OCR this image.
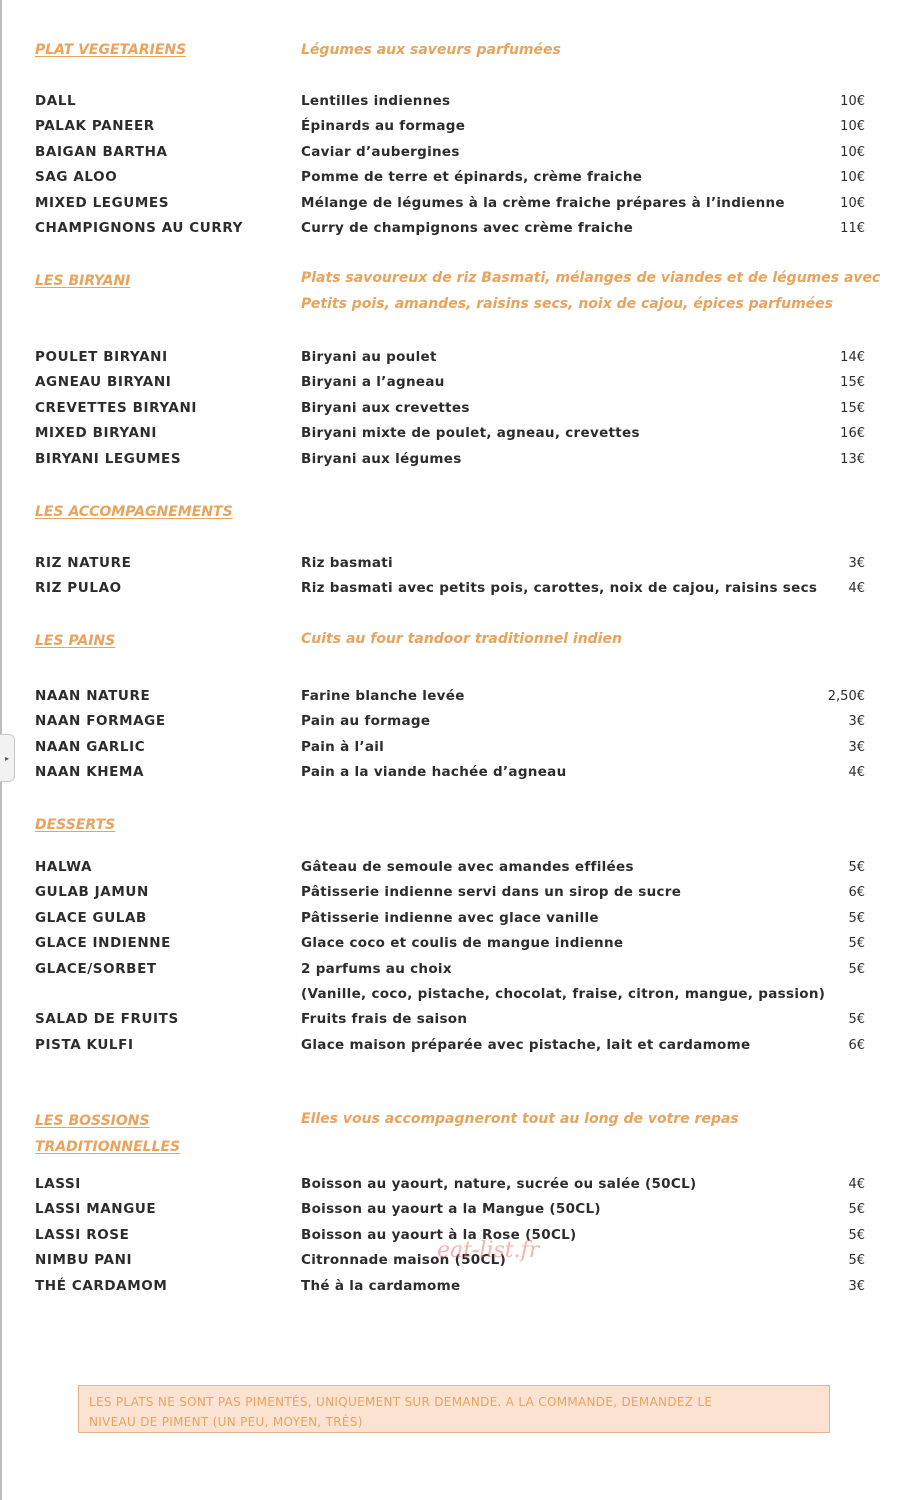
▸
PLAT VEGETARIENS	Légumes aux saveurs parfumées
DALL	Lentilles indiennes	10€
PALAK PANEER	Épinards au formage	10€
BAIGAN BARTHA	Caviar d’aubergines	10€
SAG ALOO	Pomme de terre et épinards, crème fraiche	10€
MIXED LEGUMES	Mélange de légumes à la crème fraiche prépares à l’indienne	10€
CHAMPIGNONS AU CURRY	Curry de champignons avec crème fraiche	11€
LES BIRYANI	Plats savoureux de riz Basmati, mélanges de viandes et de légumes avec
Petits pois, amandes, raisins secs, noix de cajou, épices parfumées
POULET BIRYANI	Biryani au poulet	14€
AGNEAU BIRYANI	Biryani a l’agneau	15€
CREVETTES BIRYANI	Biryani aux crevettes	15€
MIXED BIRYANI	Biryani mixte de poulet, agneau, crevettes	16€
BIRYANI LEGUMES	Biryani aux légumes	13€
LES ACCOMPAGNEMENTS
RIZ NATURE	Riz basmati	3€
RIZ PULAO	Riz basmati avec petits pois, carottes, noix de cajou, raisins secs 4€
LES PAINS	Cuits au four tandoor traditionnel indien
NAAN NATURE	Farine blanche levée	2,50€
NAAN FORMAGE	Pain au formage	3€
NAAN GARLIC	Pain à l’ail	3€
NAAN KHEMA	Pain a la viande hachée d’agneau	4€
DESSERTS
HALWA	Gâteau de semoule avec amandes effilées	5€
GULAB JAMUN	Pâtisserie indienne servi dans un sirop de sucre	6€
GLACE GULAB	Pâtisserie indienne avec glace vanille	5€
GLACE INDIENNE	Glace coco et coulis de mangue indienne	5€
GLACE/SORBET	2 parfums au choix	5€
(Vanille, coco, pistache, chocolat, fraise, citron, mangue, passion)
SALAD DE FRUITS	Fruits frais de saison	5€
PISTA KULFI	Glace maison préparée avec pistache, lait et cardamome	6€
LES BOSSIONS
TRADITIONNELLES
Elles vous accompagneront tout au long de votre repas
LASSI	Boisson au yaourt, nature, sucrée ou salée (50CL)	4€
LASSI MANGUE	Boisson au yaourt a la Mangue (50CL)	5€
LASSI ROSE	Boisson au yaourt à la Rose (50CL)	5€
NIMBU PANI	Citronnade maison (50CL)	5€
THÉ CARDAMOM	Thé à la cardamome	3€

LES PLATS NE SONT PAS PIMENTÉS, UNIQUEMENT SUR DEMANDE. A LA COMMANDE, DEMANDEZ LE

NIVEAU DE PIMENT (UN PEU, MOYEN, TRÈS)

eat-list.fr
